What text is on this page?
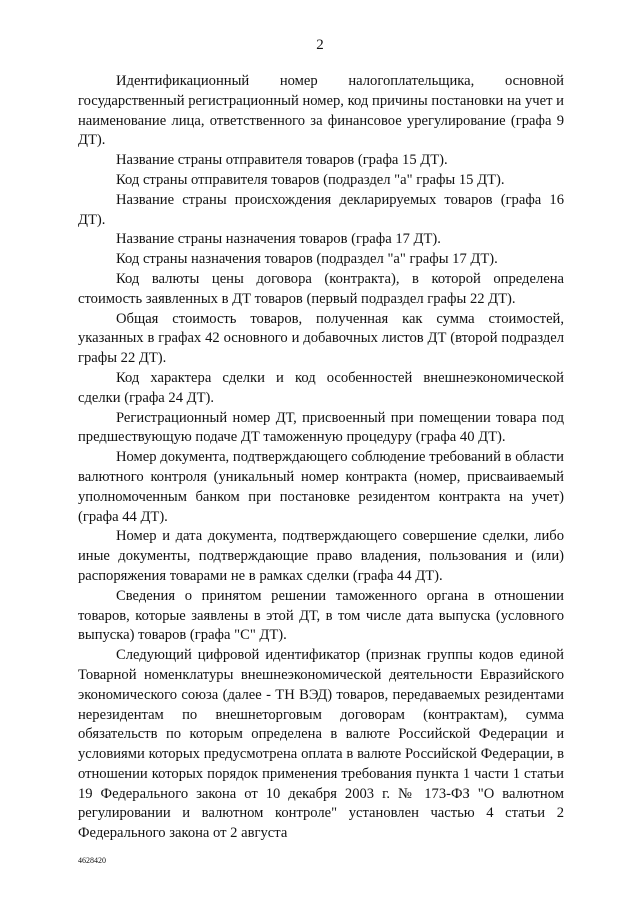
2

Идентификационный номер налогоплательщика, основной государственный регистрационный номер, код причины постановки на учет и наименование лица, ответственного за финансовое урегулирование (графа 9 ДТ).

Название страны отправителя товаров (графа 15 ДТ).

Код страны отправителя товаров (подраздел "а" графы 15 ДТ).

Название страны происхождения декларируемых товаров (графа 16 ДТ).

Название страны назначения товаров (графа 17 ДТ).

Код страны назначения товаров (подраздел "а" графы 17 ДТ).

Код валюты цены договора (контракта), в которой определена стоимость заявленных в ДТ товаров (первый подраздел графы 22 ДТ).

Общая стоимость товаров, полученная как сумма стоимостей, указанных в графах 42 основного и добавочных листов ДТ (второй подраздел графы 22 ДТ).

Код характера сделки и код особенностей внешнеэкономической сделки (графа 24 ДТ).

Регистрационный номер ДТ, присвоенный при помещении товара под предшествующую подаче ДТ таможенную процедуру (графа 40 ДТ).

Номер документа, подтверждающего соблюдение требований в области валютного контроля (уникальный номер контракта (номер, присваиваемый уполномоченным банком при постановке резидентом контракта на учет) (графа 44 ДТ).

Номер и дата документа, подтверждающего совершение сделки, либо иные документы, подтверждающие право владения, пользования и (или) распоряжения товарами не в рамках сделки (графа 44 ДТ).

Сведения о принятом решении таможенного органа в отношении товаров, которые заявлены в этой ДТ, в том числе дата выпуска (условного выпуска) товаров (графа "С" ДТ).

Следующий цифровой идентификатор (признак группы кодов единой Товарной номенклатуры внешнеэкономической деятельности Евразийского экономического союза (далее - ТН ВЭД) товаров, передаваемых резидентами нерезидентам по внешнеторговым договорам (контрактам), сумма обязательств по которым определена в валюте Российской Федерации и условиями которых предусмотрена оплата в валюте Российской Федерации, в отношении которых порядок применения требования пункта 1 части 1 статьи 19 Федерального закона от 10 декабря 2003 г. № 173-ФЗ "О валютном регулировании и валютном контроле" установлен частью 4 статьи 2 Федерального закона от 2 августа

4628420
